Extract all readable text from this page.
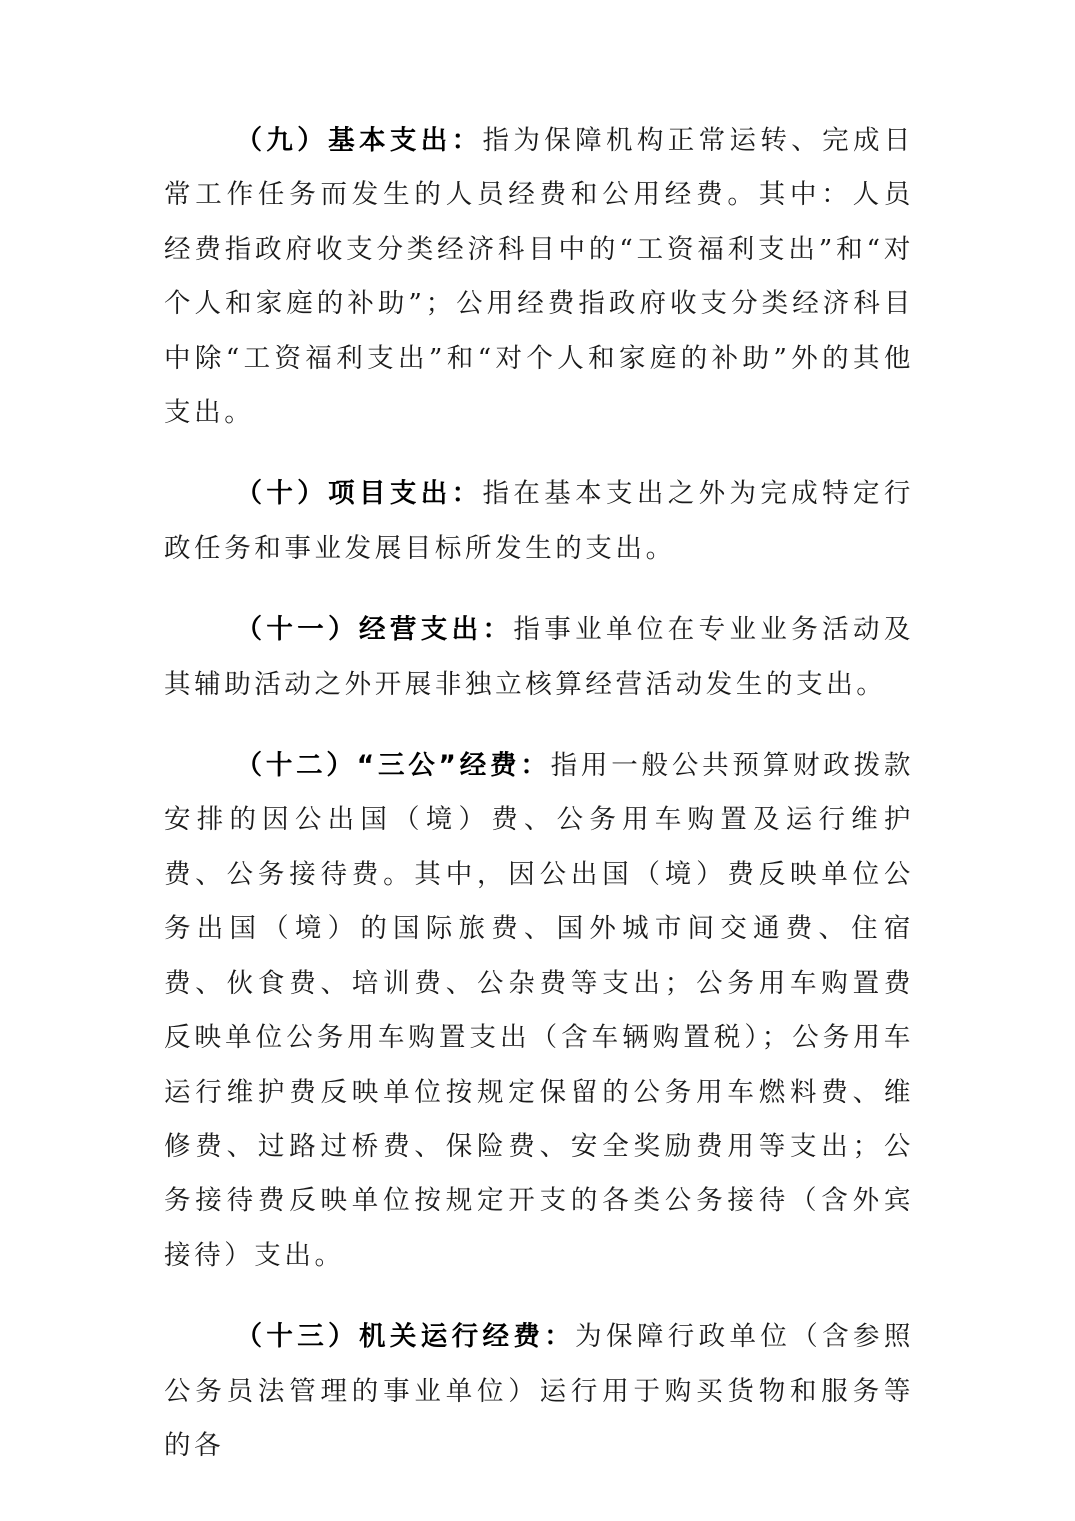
（九）基本支出：指为保障机构正常运转、完成日常工作任务而发生的人员经费和公用经费。其中：人员经费指政府收支分类经济科目中的“工资福利支出”和“对个人和家庭的补助”；公用经费指政府收支分类经济科目中除“工资福利支出”和“对个人和家庭的补助”外的其他支出。

（十）项目支出：指在基本支出之外为完成特定行政任务和事业发展目标所发生的支出。

（十一）经营支出：指事业单位在专业业务活动及其辅助活动之外开展非独立核算经营活动发生的支出。

（十二）“三公”经费：指用一般公共预算财政拨款安排的因公出国（境）费、公务用车购置及运行维护费、公务接待费。其中，因公出国（境）费反映单位公务出国（境）的国际旅费、国外城市间交通费、住宿费、伙食费、培训费、公杂费等支出；公务用车购置费反映单位公务用车购置支出（含车辆购置税）；公务用车运行维护费反映单位按规定保留的公务用车燃料费、维修费、过路过桥费、保险费、安全奖励费用等支出；公务接待费反映单位按规定开支的各类公务接待（含外宾接待）支出。

（十三）机关运行经费：为保障行政单位（含参照公务员法管理的事业单位）运行用于购买货物和服务等的各
